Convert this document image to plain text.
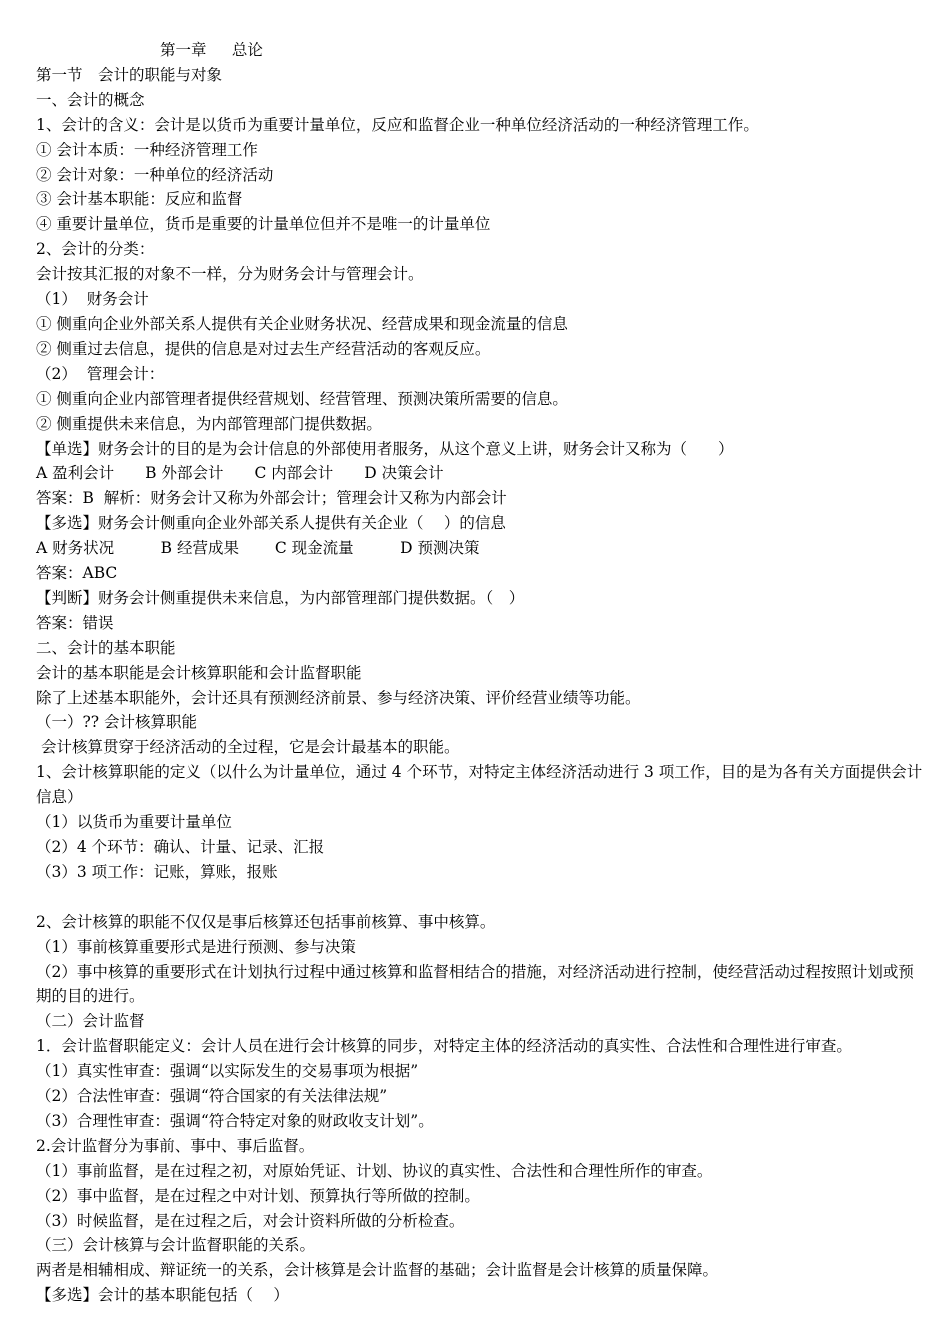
第一章　  总论
第一节　会计的职能与对象
一、会计的概念
1、会计的含义：会计是以货币为重要计量单位，反应和监督企业一种单位经济活动的一种经济管理工作。
① 会计本质：一种经济管理工作
② 会计对象：一种单位的经济活动
③ 会计基本职能：反应和监督
④ 重要计量单位，货币是重要的计量单位但并不是唯一的计量单位
2、会计的分类：
会计按其汇报的对象不一样，分为财务会计与管理会计。
（1）  财务会计
① 侧重向企业外部关系人提供有关企业财务状况、经营成果和现金流量的信息
② 侧重过去信息，提供的信息是对过去生产经营活动的客观反应。
（2）  管理会计：
① 侧重向企业内部管理者提供经营规划、经营管理、预测决策所需要的信息。
② 侧重提供未来信息，为内部管理部门提供数据。
【单选】财务会计的目的是为会计信息的外部使用者服务，从这个意义上讲，财务会计又称为（　　）
A 盈利会计　　B 外部会计　　C 内部会计　　D 决策会计
答案：B  解析：财务会计又称为外部会计；管理会计又称为内部会计
【多选】财务会计侧重向企业外部关系人提供有关企业（　 ）的信息
A 财务状况　　　B 经营成果　　 C 现金流量　　　D 预测决策
答案：ABC
【判断】财务会计侧重提供未来信息，为内部管理部门提供数据。（　）
答案：错误
二、会计的基本职能
会计的基本职能是会计核算职能和会计监督职能
除了上述基本职能外，会计还具有预测经济前景、参与经济决策、评价经营业绩等功能。
（一）?? 会计核算职能
会计核算贯穿于经济活动的全过程，它是会计最基本的职能。
1、会计核算职能的定义（以什么为计量单位，通过 4 个环节，对特定主体经济活动进行 3 项工作，目的是为各有关方面提供会计信息）
（1）以货币为重要计量单位
（2）4 个环节：确认、计量、记录、汇报
（3）3 项工作：记账，算账，报账
2、会计核算的职能不仅仅是事后核算还包括事前核算、事中核算。
（1）事前核算重要形式是进行预测、参与决策
（2）事中核算的重要形式在计划执行过程中通过核算和监督相结合的措施，对经济活动进行控制，使经营活动过程按照计划或预期的目的进行。
（二）会计监督
1．会计监督职能定义：会计人员在进行会计核算的同步，对特定主体的经济活动的真实性、合法性和合理性进行审查。
（1）真实性审查：强调“以实际发生的交易事项为根据”
（2）合法性审查：强调“符合国家的有关法律法规”
（3）合理性审查：强调“符合特定对象的财政收支计划”。
2.会计监督分为事前、事中、事后监督。
（1）事前监督，是在过程之初，对原始凭证、计划、协议的真实性、合法性和合理性所作的审查。
（2）事中监督，是在过程之中对计划、预算执行等所做的控制。
（3）时候监督，是在过程之后，对会计资料所做的分析检查。
（三）会计核算与会计监督职能的关系。
两者是相辅相成、辩证统一的关系，会计核算是会计监督的基础；会计监督是会计核算的质量保障。
【多选】会计的基本职能包括（　 ）
